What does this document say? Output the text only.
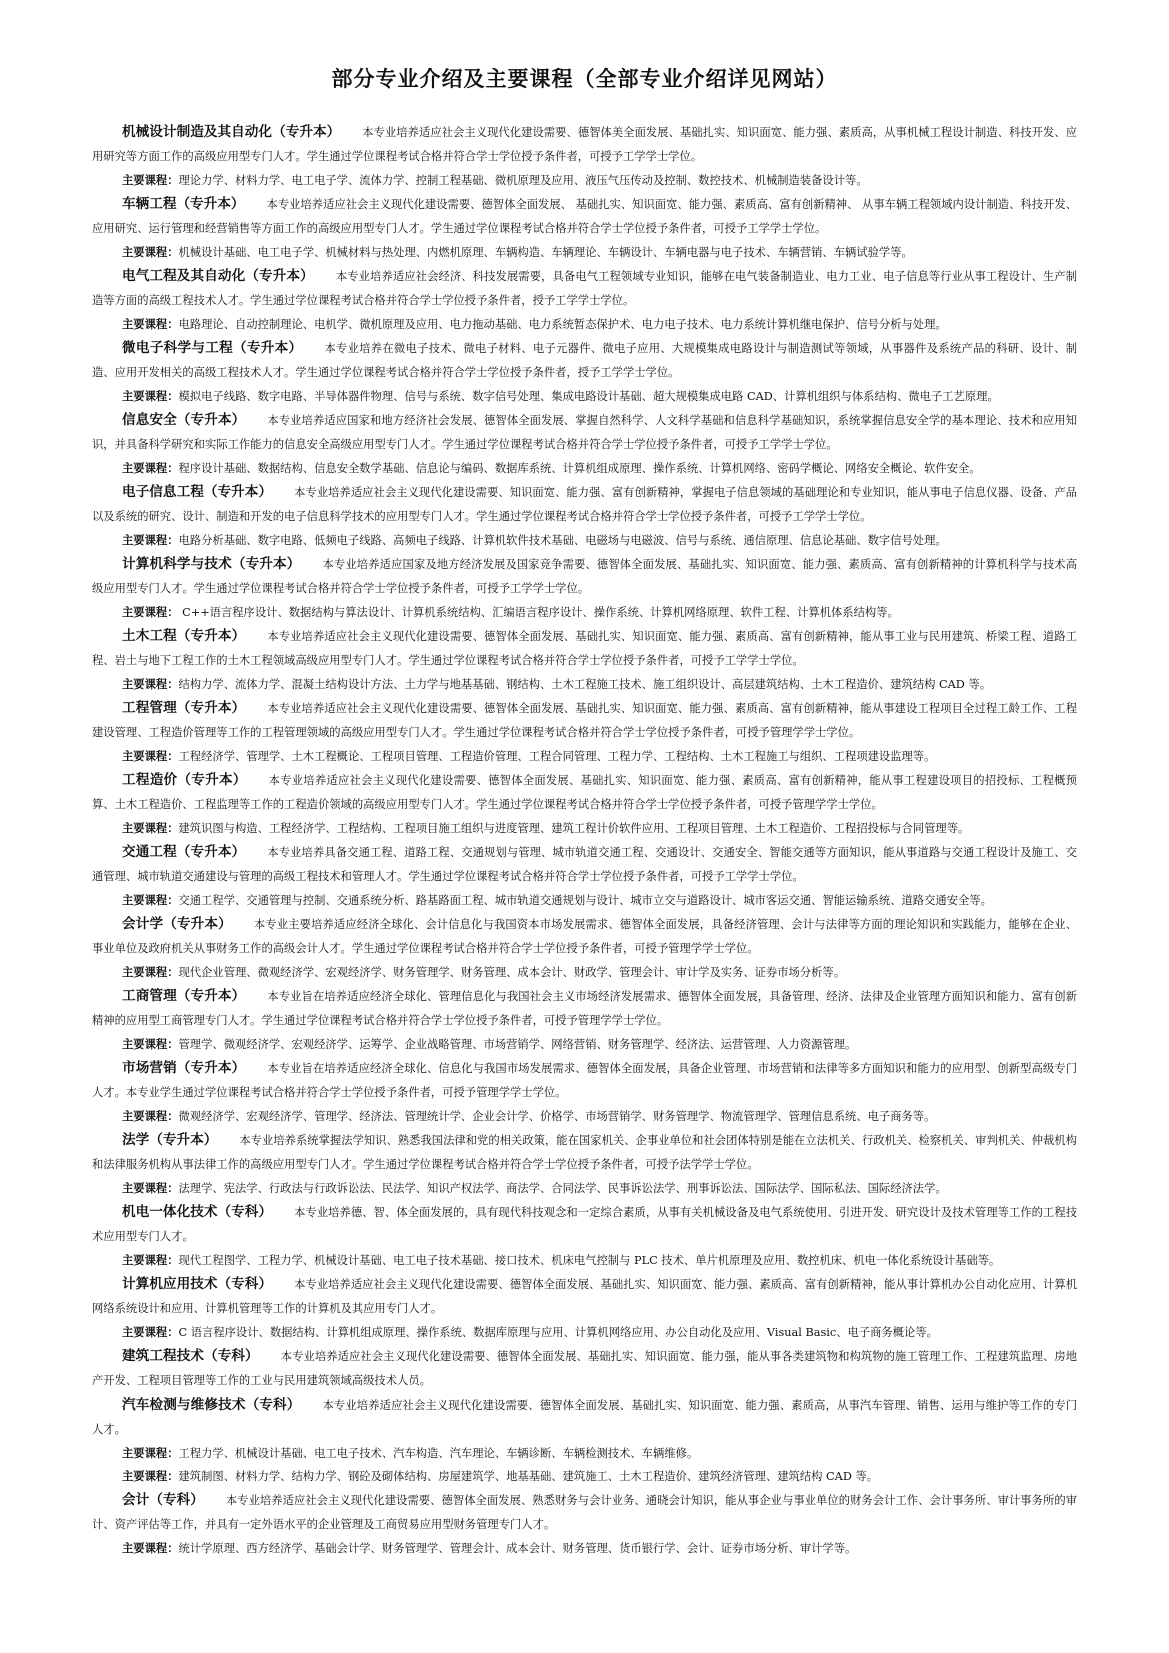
部分专业介绍及主要课程（全部专业介绍详见网站）

机械设计制造及其自动化（专升本） 本专业培养适应社会主义现代化建设需要、德智体美全面发展、基础扎实、知识面宽、能力强、素质高，从事机械工程设计制造、科技开发、应用研究等方面工作的高级应用型专门人才。学生通过学位课程考试合格并符合学士学位授予条件者，可授予工学学士学位。

主要课程：理论力学、材料力学、电工电子学、流体力学、控制工程基础、微机原理及应用、液压气压传动及控制、数控技术、机械制造装备设计等。

车辆工程（专升本） 本专业培养适应社会主义现代化建设需要、德智体全面发展、 基础扎实、知识面宽、能力强、素质高、富有创新精神、 从事车辆工程领域内设计制造、科技开发、应用研究、运行管理和经营销售等方面工作的高级应用型专门人才。学生通过学位课程考试合格并符合学士学位授予条件者，可授予工学学士学位。

主要课程：机械设计基础、电工电子学、机械材料与热处理、内燃机原理、车辆构造、车辆理论、车辆设计、车辆电器与电子技术、车辆营销、车辆试验学等。

电气工程及其自动化（专升本） 本专业培养适应社会经济、科技发展需要，具备电气工程领域专业知识，能够在电气装备制造业、电力工业、电子信息等行业从事工程设计、生产制造等方面的高级工程技术人才。学生通过学位课程考试合格并符合学士学位授予条件者，授予工学学士学位。

主要课程：电路理论、自动控制理论、电机学、微机原理及应用、电力拖动基础、电力系统暂态保护术、电力电子技术、电力系统计算机继电保护、信号分析与处理。

微电子科学与工程（专升本） 本专业培养在微电子技术、微电子材料、电子元器件、微电子应用、大规模集成电路设计与制造测试等领域，从事器件及系统产品的科研、设计、制造、应用开发相关的高级工程技术人才。学生通过学位课程考试合格并符合学士学位授予条件者，授予工学学士学位。

主要课程：模拟电子线路、数字电路、半导体器件物理、信号与系统、数字信号处理、集成电路设计基础、超大规模集成电路 CAD、计算机组织与体系结构、微电子工艺原理。

信息安全（专升本） 本专业培养适应国家和地方经济社会发展、德智体全面发展、掌握自然科学、人文科学基础和信息科学基础知识，系统掌握信息安全学的基本理论、技术和应用知识，并具备科学研究和实际工作能力的信息安全高级应用型专门人才。学生通过学位课程考试合格并符合学士学位授予条件者，可授予工学学士学位。

主要课程：程序设计基础、数据结构、信息安全数学基础、信息论与编码、数据库系统、计算机组成原理、操作系统、计算机网络、密码学概论、网络安全概论、软件安全。

电子信息工程（专升本） 本专业培养适应社会主义现代化建设需要、知识面宽、能力强、富有创新精神，掌握电子信息领域的基础理论和专业知识，能从事电子信息仪器、设备、产品以及系统的研究、设计、制造和开发的电子信息科学技术的应用型专门人才。学生通过学位课程考试合格并符合学士学位授予条件者，可授予工学学士学位。

主要课程：电路分析基础、数字电路、低频电子线路、高频电子线路、计算机软件技术基础、电磁场与电磁波、信号与系统、通信原理、信息论基础、数字信号处理。

计算机科学与技术（专升本） 本专业培养适应国家及地方经济发展及国家竞争需要、德智体全面发展、基础扎实、知识面宽、能力强、素质高、富有创新精神的计算机科学与技术高级应用型专门人才。学生通过学位课程考试合格并符合学士学位授予条件者，可授予工学学士学位。

主要课程： C++语言程序设计、数据结构与算法设计、计算机系统结构、汇编语言程序设计、操作系统、计算机网络原理、软件工程、计算机体系结构等。

土木工程（专升本） 本专业培养适应社会主义现代化建设需要、德智体全面发展、基础扎实、知识面宽、能力强、素质高、富有创新精神，能从事工业与民用建筑、桥梁工程、道路工程、岩土与地下工程工作的土木工程领域高级应用型专门人才。学生通过学位课程考试合格并符合学士学位授予条件者，可授予工学学士学位。

主要课程：结构力学、流体力学、混凝土结构设计方法、土力学与地基基础、钢结构、土木工程施工技术、施工组织设计、高层建筑结构、土木工程造价、建筑结构 CAD 等。

工程管理（专升本） 本专业培养适应社会主义现代化建设需要、德智体全面发展、基础扎实、知识面宽、能力强、素质高、富有创新精神，能从事建设工程项目全过程工龄工作、工程建设管理、工程造价管理等工作的工程管理领域的高级应用型专门人才。学生通过学位课程考试合格并符合学士学位授予条件者，可授予管理学学士学位。

主要课程：工程经济学、管理学、土木工程概论、工程项目管理、工程造价管理、工程合同管理、工程力学、工程结构、土木工程施工与组织、工程项建设监理等。

工程造价（专升本） 本专业培养适应社会主义现代化建设需要、德智体全面发展、基础扎实、知识面宽、能力强、素质高、富有创新精神，能从事工程建设项目的招投标、工程概预算、土木工程造价、工程监理等工作的工程造价领域的高级应用型专门人才。学生通过学位课程考试合格并符合学士学位授予条件者，可授予管理学学士学位。

主要课程：建筑识图与构造、工程经济学、工程结构、工程项目施工组织与进度管理、建筑工程计价软件应用、工程项目管理、土木工程造价、工程招投标与合同管理等。

交通工程（专升本） 本专业培养具备交通工程、道路工程、交通规划与管理、城市轨道交通工程、交通设计、交通安全、智能交通等方面知识，能从事道路与交通工程设计及施工、交通管理、城市轨道交通建设与管理的高级工程技术和管理人才。学生通过学位课程考试合格并符合学士学位授予条件者，可授予工学学士学位。

主要课程：交通工程学、交通管理与控制、交通系统分析、路基路面工程、城市轨道交通规划与设计、城市立交与道路设计、城市客运交通、智能运输系统、道路交通安全等。

会计学（专升本） 本专业主要培养适应经济全球化、会计信息化与我国资本市场发展需求、德智体全面发展，具备经济管理、会计与法律等方面的理论知识和实践能力，能够在企业、事业单位及政府机关从事财务工作的高级会计人才。学生通过学位课程考试合格并符合学士学位授予条件者，可授予管理学学士学位。

主要课程：现代企业管理、微观经济学、宏观经济学、财务管理学、财务管理、成本会计、财政学、管理会计、审计学及实务、证券市场分析等。

工商管理（专升本） 本专业旨在培养适应经济全球化、管理信息化与我国社会主义市场经济发展需求、德智体全面发展，具备管理、经济、法律及企业管理方面知识和能力、富有创新精神的应用型工商管理专门人才。学生通过学位课程考试合格并符合学士学位授予条件者，可授予管理学学士学位。

主要课程：管理学、微观经济学、宏观经济学、运筹学、企业战略管理、市场营销学、网络营销、财务管理学、经济法、运营管理、人力资源管理。

市场营销（专升本） 本专业旨在培养适应经济全球化、信息化与我国市场发展需求、德智体全面发展，具备企业管理、市场营销和法律等多方面知识和能力的应用型、创新型高级专门人才。本专业学生通过学位课程考试合格并符合学士学位授予条件者，可授予管理学学士学位。

主要课程：微观经济学、宏观经济学、管理学、经济法、管理统计学、企业会计学、价格学、市场营销学、财务管理学、物流管理学、管理信息系统、电子商务等。

法学（专升本） 本专业培养系统掌握法学知识、熟悉我国法律和党的相关政策，能在国家机关、企事业单位和社会团体特别是能在立法机关、行政机关、检察机关、审判机关、仲裁机构和法律服务机构从事法律工作的高级应用型专门人才。学生通过学位课程考试合格并符合学士学位授予条件者，可授予法学学士学位。

主要课程：法理学、宪法学、行政法与行政诉讼法、民法学、知识产权法学、商法学、合同法学、民事诉讼法学、刑事诉讼法、国际法学、国际私法、国际经济法学。

机电一体化技术（专科） 本专业培养德、智、体全面发展的，具有现代科技观念和一定综合素质，从事有关机械设备及电气系统使用、引进开发、研究设计及技术管理等工作的工程技术应用型专门人才。

主要课程：现代工程图学、工程力学、机械设计基础、电工电子技术基础、接口技术、机床电气控制与 PLC 技术、单片机原理及应用、数控机床、机电一体化系统设计基础等。

计算机应用技术（专科） 本专业培养适应社会主义现代化建设需要、德智体全面发展、基础扎实、知识面宽、能力强、素质高、富有创新精神，能从事计算机办公自动化应用、计算机网络系统设计和应用、计算机管理等工作的计算机及其应用专门人才。

主要课程：C 语言程序设计、数据结构、计算机组成原理、操作系统、数据库原理与应用、计算机网络应用、办公自动化及应用、Visual Basic、电子商务概论等。

建筑工程技术（专科） 本专业培养适应社会主义现代化建设需要、德智体全面发展、基础扎实、知识面宽、能力强，能从事各类建筑物和构筑物的施工管理工作、工程建筑监理、房地产开发、工程项目管理等工作的工业与民用建筑领域高级技术人员。

汽车检测与维修技术（专科） 本专业培养适应社会主义现代化建设需要、德智体全面发展、基础扎实、知识面宽、能力强、素质高，从事汽车管理、销售、运用与维护等工作的专门人才。

主要课程：工程力学、机械设计基础、电工电子技术、汽车构造、汽车理论、车辆诊断、车辆检测技术、车辆维修。

主要课程：建筑制图、材料力学、结构力学、钢砼及砌体结构、房屋建筑学、地基基础、建筑施工、土木工程造价、建筑经济管理、建筑结构 CAD 等。

会计（专科） 本专业培养适应社会主义现代化建设需要、德智体全面发展、熟悉财务与会计业务、通晓会计知识，能从事企业与事业单位的财务会计工作、会计事务所、审计事务所的审计、资产评估等工作，并具有一定外语水平的企业管理及工商贸易应用型财务管理专门人才。

主要课程：统计学原理、西方经济学、基础会计学、财务管理学、管理会计、成本会计、财务管理、货币银行学、会计、证券市场分析、审计学等。
